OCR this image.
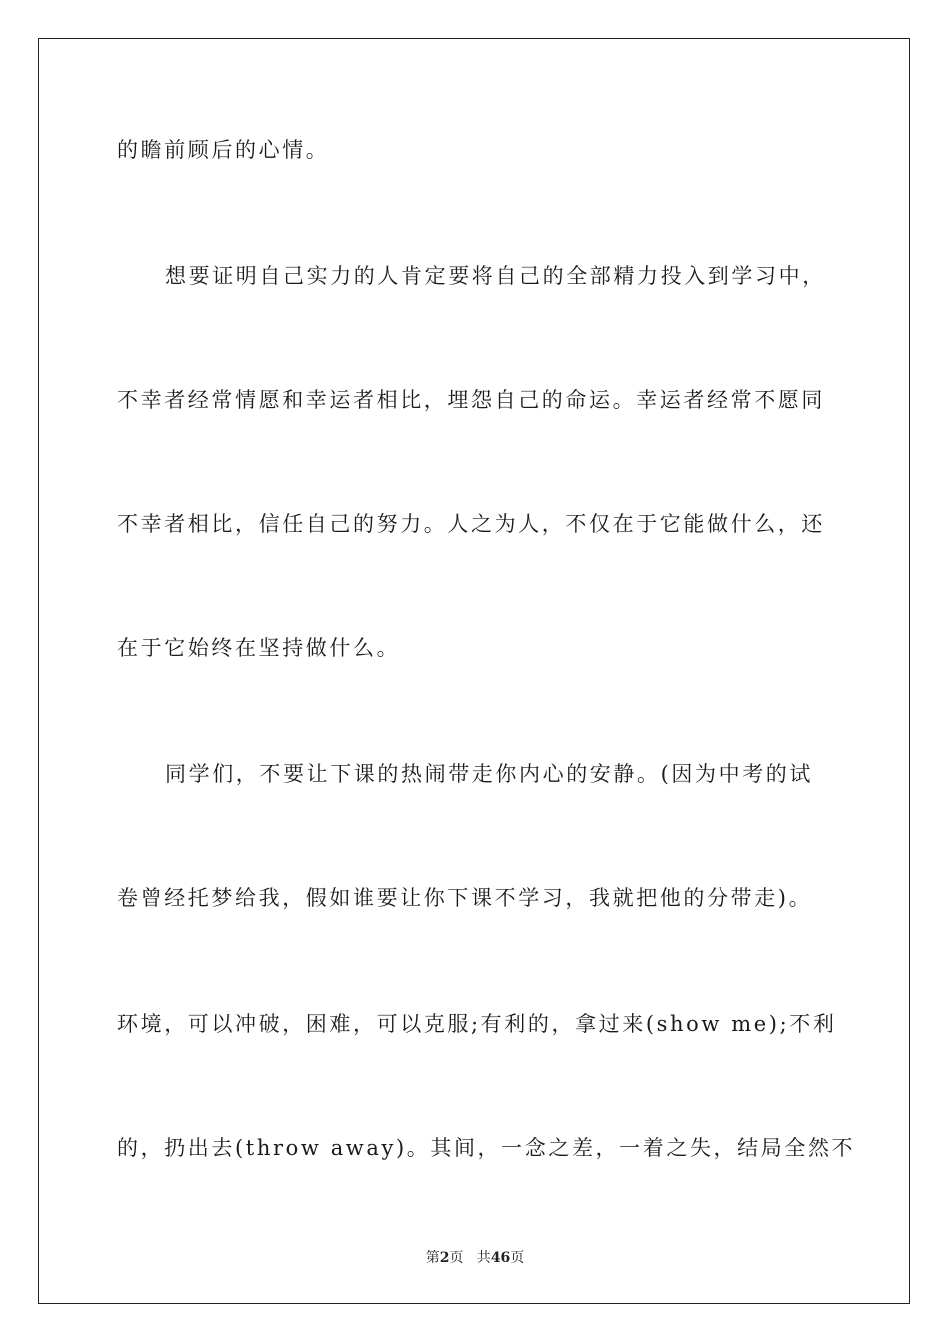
的瞻前顾后的心情。
想要证明自己实力的人肯定要将自己的全部精力投入到学习中，
不幸者经常情愿和幸运者相比，埋怨自己的命运。幸运者经常不愿同
不幸者相比，信任自己的努力。人之为人，不仅在于它能做什么，还
在于它始终在坚持做什么。
同学们，不要让下课的热闹带走你内心的安静。(因为中考的试
卷曾经托梦给我，假如谁要让你下课不学习，我就把他的分带走)。
环境，可以冲破，困难，可以克服;有利的，拿过来(show me);不利
的，扔出去(throw away)。其间，一念之差，一着之失，结局全然不
第2页   共46页
